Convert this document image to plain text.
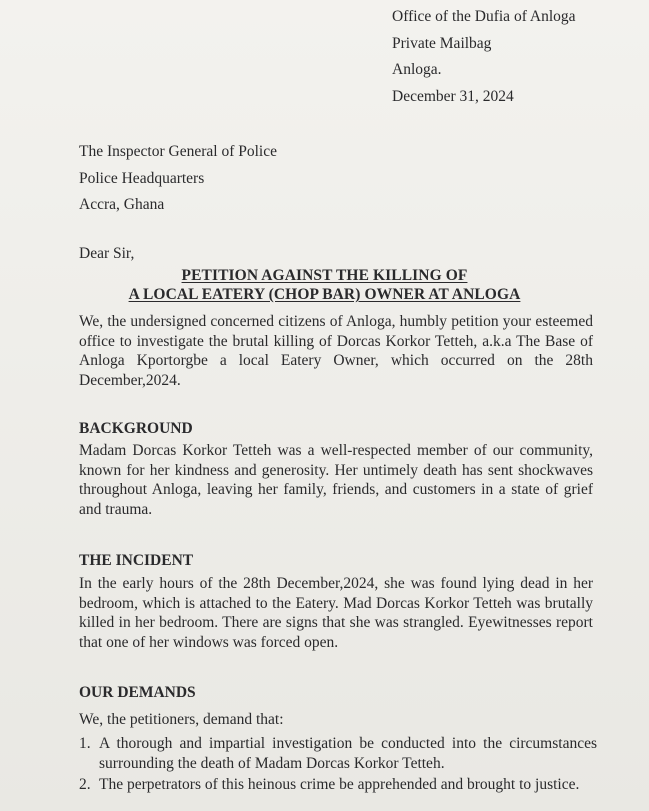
Office of the Dufia of Anloga
Private Mailbag
Anloga.
December 31, 2024
The Inspector General of Police
Police Headquarters
Accra, Ghana
Dear Sir,
PETITION AGAINST THE KILLING OF
A LOCAL EATERY (CHOP BAR) OWNER AT ANLOGA
We, the undersigned concerned citizens of Anloga, humbly petition your esteemed office to investigate the brutal killing of Dorcas Korkor Tetteh, a.k.a The Base of Anloga Kportorgbe a local Eatery Owner, which occurred on the 28th December,2024.
BACKGROUND
Madam Dorcas Korkor Tetteh was a well-respected member of our community, known for her kindness and generosity. Her untimely death has sent shockwaves throughout Anloga, leaving her family, friends, and customers in a state of grief and trauma.
THE INCIDENT
In the early hours of the 28th December,2024, she was found lying dead in her bedroom, which is attached to the Eatery. Mad Dorcas Korkor Tetteh was brutally killed in her bedroom. There are signs that she was strangled. Eyewitnesses report that one of her windows was forced open.
OUR DEMANDS
We, the petitioners, demand that:
1. A thorough and impartial investigation be conducted into the circumstances surrounding the death of Madam Dorcas Korkor Tetteh.
2. The perpetrators of this heinous crime be apprehended and brought to justice.
